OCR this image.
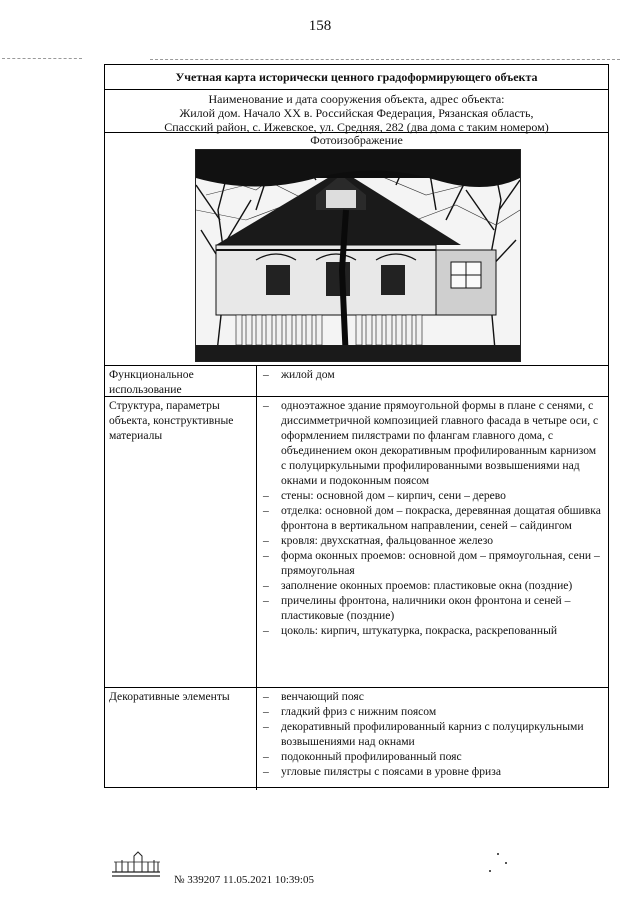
158
Учетная карта исторически ценного градоформирующего объекта
Наименование и дата сооружения объекта, адрес объекта:
Жилой дом. Начало XX в. Российская Федерация, Рязанская область,
Спасский район, с. Ижевское, ул. Средняя, 282 (два дома с таким номером)
Фотоизображение
Функциональное использование
– жилой дом
Структура, параметры объекта, конструктивные материалы
– одноэтажное здание прямоугольной формы в плане с сенями, с диссимметричной композицией главного фасада в четыре оси, с оформлением пилястрами по флангам главного дома, с объединением окон декоративным профилированным карнизом с полуциркульными профилированными возвышениями над окнами и подоконным поясом
– стены: основной дом – кирпич, сени – дерево
– отделка: основной дом – покраска, деревянная дощатая обшивка фронтона в вертикальном направлении, сеней – сайдингом
– кровля: двухскатная, фальцованное железо
– форма оконных проемов: основной дом – прямоугольная, сени – прямоугольная
– заполнение оконных проемов: пластиковые окна (поздние)
– причелины фронтона, наличники окон фронтона и сеней – пластиковые (поздние)
– цоколь: кирпич, штукатурка, покраска, раскрепованный
Декоративные элементы
–	венчающий пояс
– гладкий фриз с нижним поясом
– декоративный профилированный карниз с полуциркульными возвышениями над окнами
– подоконный профилированный пояс
– угловые пилястры с поясами в уровне фриза
№ 339207 11.05.2021 10:39:05
